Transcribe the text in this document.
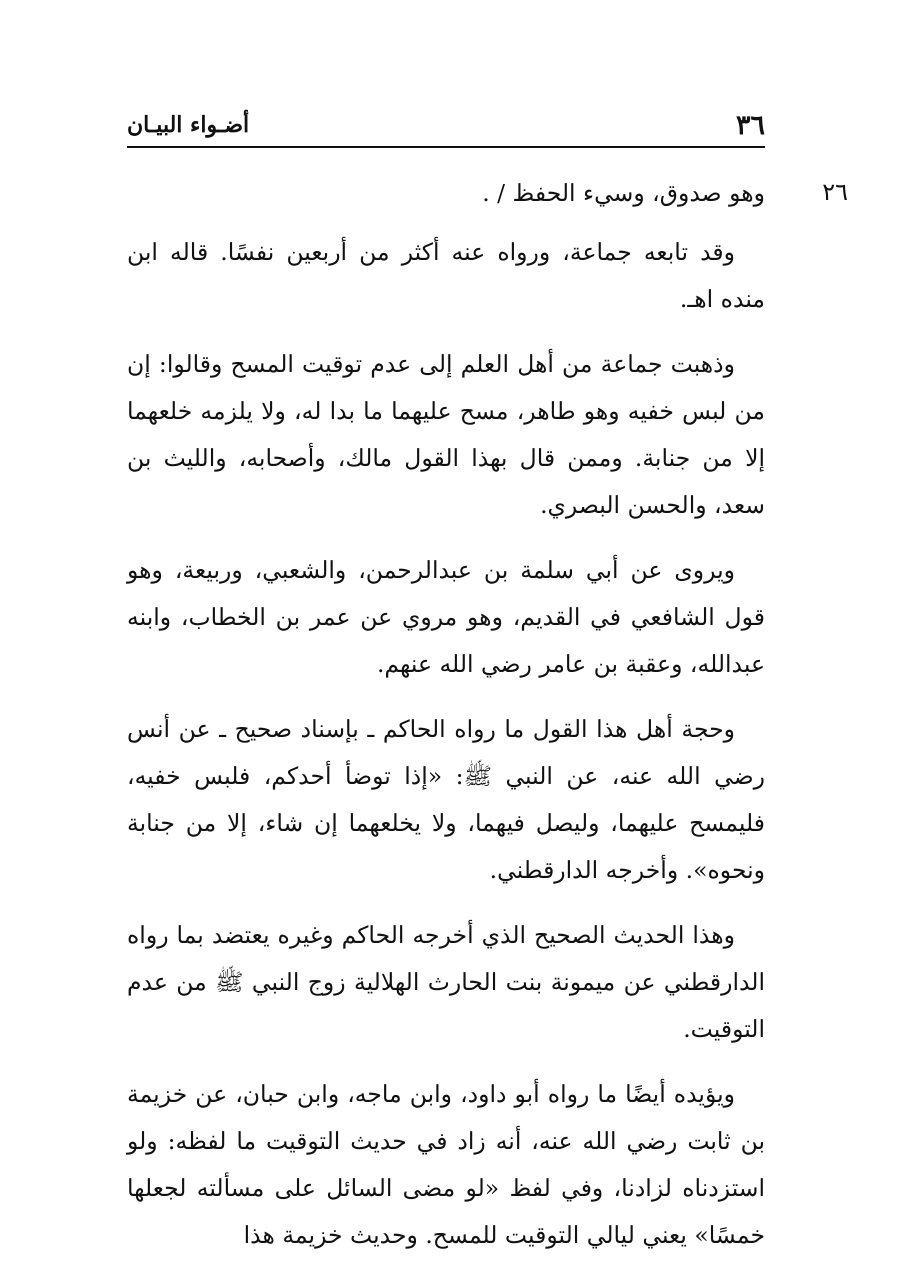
٣٦
أضـواء البيـان
٢٦

وهو صدوق، وسيء الحفظ / .

وقد تابعه جماعة، ورواه عنه أكثر من أربعين نفسًا. قاله ابن منده اهـ.

وذهبت جماعة من أهل العلم إلى عدم توقيت المسح وقالوا: إن من لبس خفيه وهو طاهر، مسح عليهما ما بدا له، ولا يلزمه خلعهما إلا من جنابة. وممن قال بهذا القول مالك، وأصحابه، والليث بن سعد، والحسن البصري.

ويروى عن أبي سلمة بن عبدالرحمن، والشعبي، وربيعة، وهو قول الشافعي في القديم، وهو مروي عن عمر بن الخطاب، وابنه عبدالله، وعقبة بن عامر رضي الله عنهم.

وحجة أهل هذا القول ما رواه الحاكم ـ بإسناد صحيح ـ عن أنس رضي الله عنه، عن النبي ﷺ: «إذا توضأ أحدكم، فلبس خفيه، فليمسح عليهما، وليصل فيهما، ولا يخلعهما إن شاء، إلا من جنابة ونحوه». وأخرجه الدارقطني.

وهذا الحديث الصحيح الذي أخرجه الحاكم وغيره يعتضد بما رواه الدارقطني عن ميمونة بنت الحارث الهلالية زوج النبي ﷺ من عدم التوقيت.

ويؤيده أيضًا ما رواه أبو داود، وابن ماجه، وابن حبان، عن خزيمة بن ثابت رضي الله عنه، أنه زاد في حديث التوقيت ما لفظه: ولو استزدناه لزادنا، وفي لفظ «لو مضى السائل على مسألته لجعلها خمسًا» يعني ليالي التوقيت للمسح. وحديث خزيمة هذا
